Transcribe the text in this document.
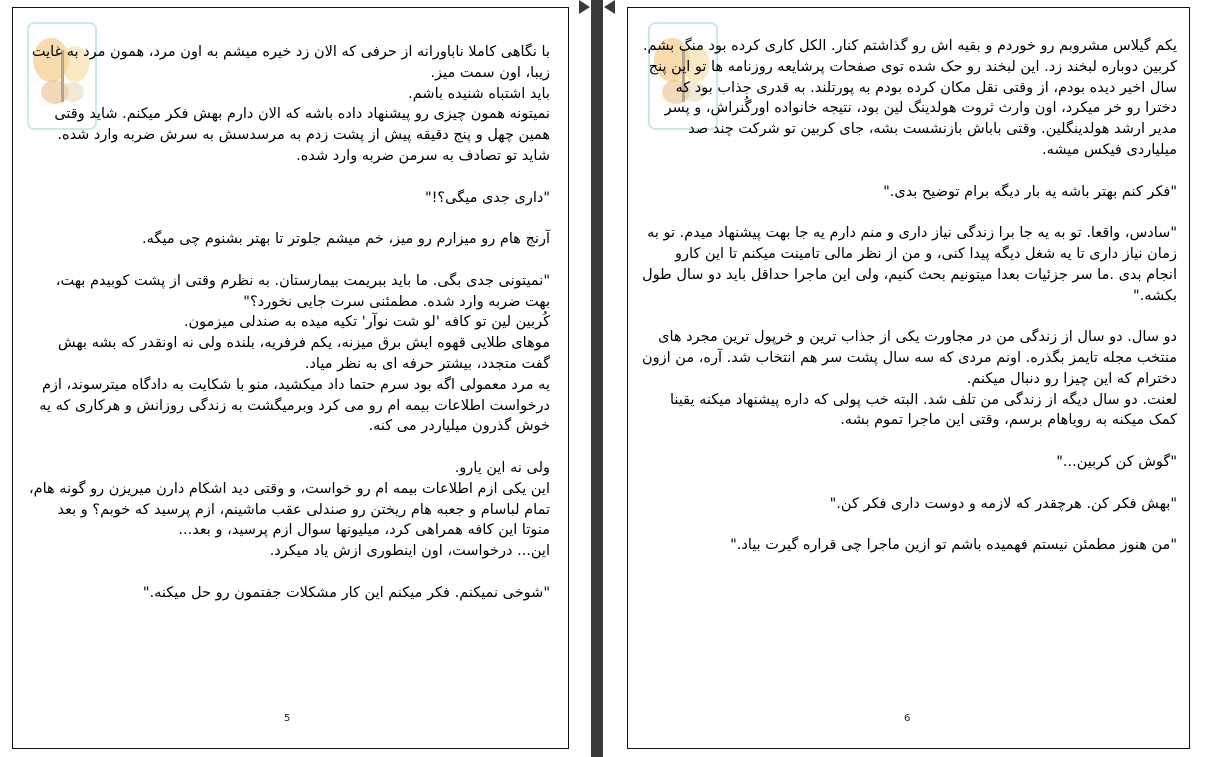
با نگاهی کاملا ناباورانه از حرفی که الان زد خیره میشم به اون مرد، همون مرد به غایت زیبا، اون سمت میز.

باید اشتباه شنیده باشم.

نمیتونه همون چیزی رو پیشنهاد داده باشه که الان دارم بهش فکر میکنم. شاید وقتی همین چهل و پنج دقیقه پیش از پشت زدم به مرسدسش به سرش ضربه وارد شده. شاید تو تصادف به سرمن ضربه وارد شده.

"داری جدی میگی؟!"

آرنج هام رو میزارم رو میز، خم میشم جلوتر تا بهتر بشنوم چی میگه.

"نمیتونی جدی بگی. ما باید ببریمت بیمارستان. به نظرم وقتی از پشت کوبیدم بهت، بهت ضربه وارد شده. مطمئنی سرت جایی نخورد؟"

کُربین لین تو کافه 'لو شت نوآر' تکیه میده به صندلی میزمون.

موهای طلایی قهوه ایش برق میزنه، یکم فرفریه، بلنده ولی نه اونقدر که بشه بهش گفت متجدد، بیشتر حرفه ای به نظر میاد.

یه مرد معمولی اگه بود سرم حتما داد میکشید، منو با شکایت به دادگاه میترسوند، ازم درخواست اطلاعات بیمه ام رو می کرد وبرمیگشت به زندگی روزانش و هرکاری که یه خوش گذرون میلیاردر می کنه.

ولی نه این یارو.

این یکی ازم اطلاعات بیمه ام رو خواست، و وقتی دید اشکام دارن میریزن رو گونه هام، تمام لباسام و جعبه هام ریختن رو صندلی عقب ماشینم، ازم پرسید که خوبم؟ و بعد منوتا این کافه همراهی کرد، میلیونها سوال ازم پرسید، و بعد...

این... درخواست، اون اینطوری ازش یاد میکرد.

"شوخی نمیکنم. فکر میکنم این کار مشکلات جفتمون رو حل میکنه."

5

یکم گیلاس مشروبم رو خوردم و بقیه اش رو گذاشتم کنار. الکل کاری کرده بود منگ بشم.

کربین دوباره لبخند زد. این لبخند رو حک شده توی صفحات پرشایعه روزنامه ها تو این پنج سال اخیر دیده بودم، از وقتی نقل مکان کرده بودم به پورتلند. به قدری جذاب بود که دخترا رو خر میکرد، اون وارث ثروت هولدینگ لین بود، نتیجه خانواده اورگُنراش، و پسر مدیر ارشد هولدینگلین. وقتی باباش بازنشست بشه، جای کربین تو شرکت چند صد میلیاردی فیکس میشه.

"فکر کنم بهتر باشه یه بار دیگه برام توضیح بدی."

"سادس، واقعا. تو به یه جا برا زندگی نیاز داری و منم دارم یه جا بهت پیشنهاد میدم. تو به زمان نیاز داری تا یه شغل دیگه پیدا کنی، و من از نظر مالی تامینت میکنم تا این کارو انجام بدی .ما سر جزئیات بعدا میتونیم بحث کنیم، ولی این ماجرا حداقل باید دو سال طول بکشه."

دو سال. دو سال از زندگی من در مجاورت یکی از جذاب ترین و خرپول ترین مجرد های منتخب مجله تایمز بگذره. اونم مردی که سه سال پشت سر هم انتخاب شد. آره، من ازون دخترام که این چیزا رو دنبال میکنم.

لعنت. دو سال دیگه از زندگی من تلف شد. البته خب پولی که داره پیشنهاد میکنه یقینا کمک میکنه به رویاهام برسم، وقتی این ماجرا تموم بشه.

"گوش کن کربین..."

"بهش فکر کن. هرچقدر که لازمه و دوست داری فکر کن."

"من هنوز مطمئن نیستم فهمیده باشم تو ازین ماجرا چی قراره گیرت بیاد."

6
